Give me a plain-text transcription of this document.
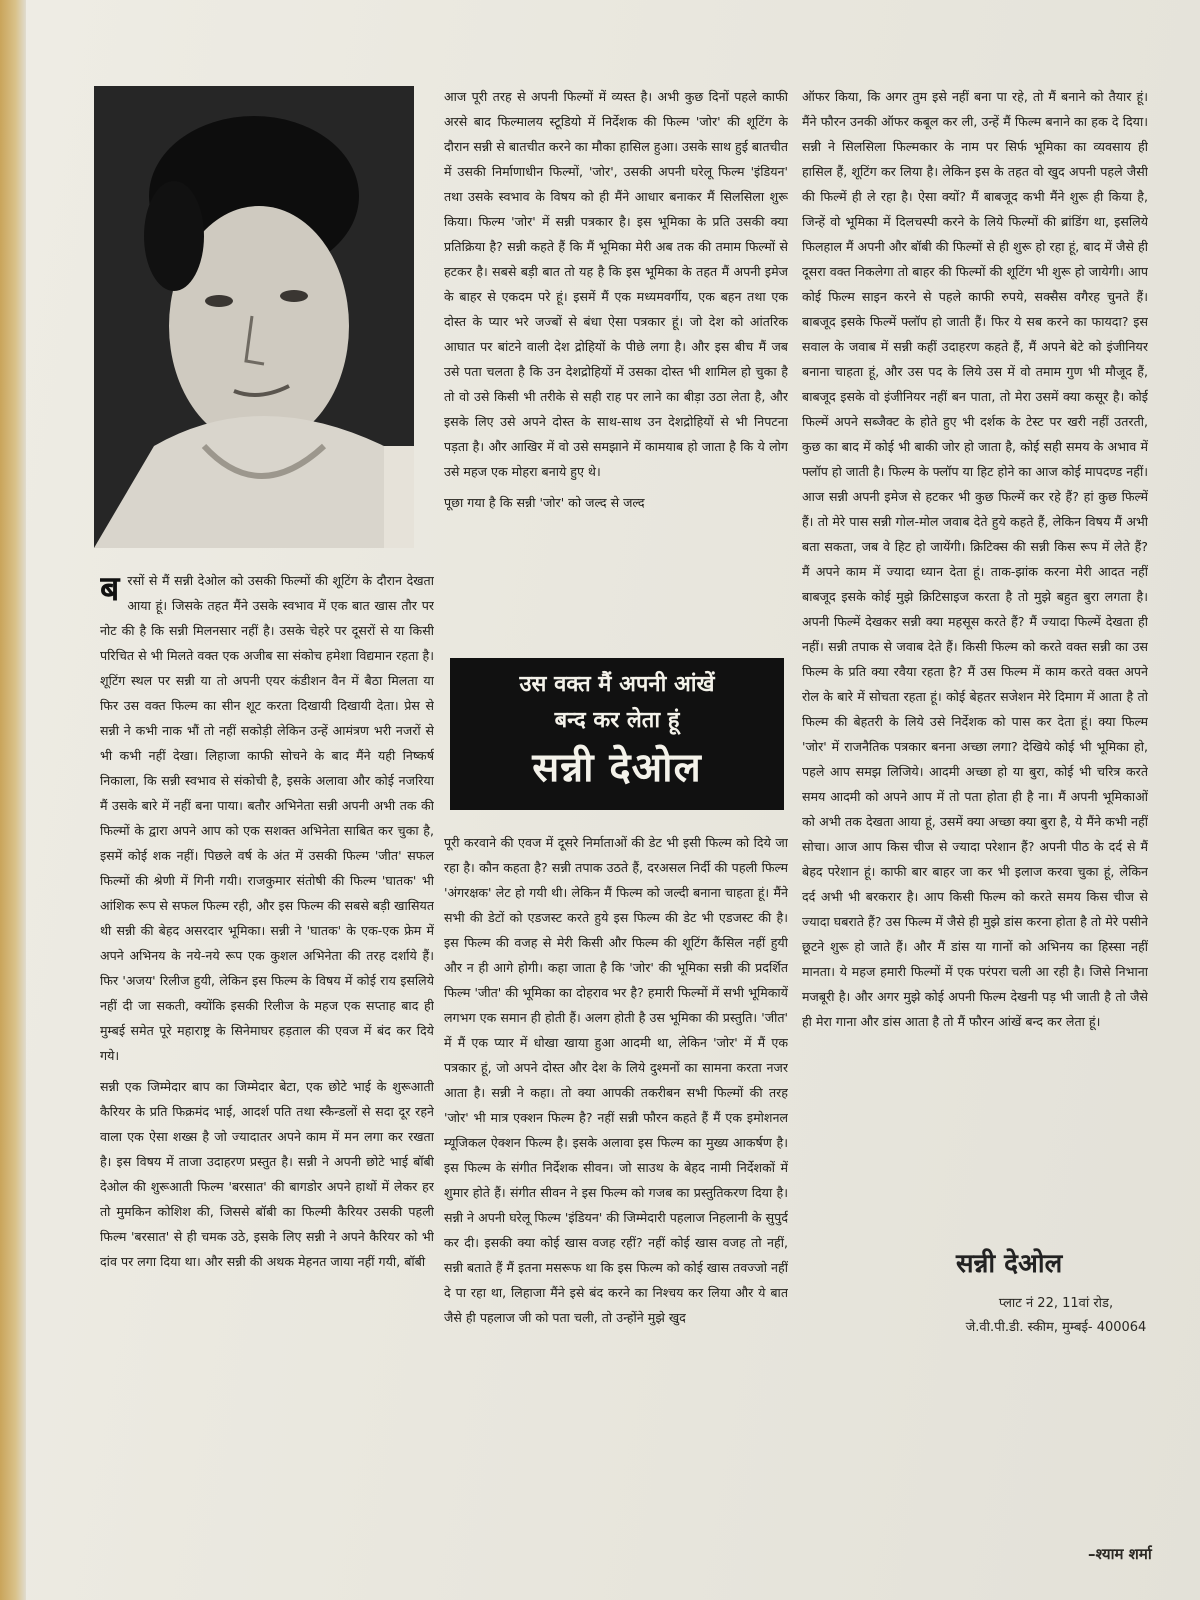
बरसों से मैं सन्नी देओल को उसकी फिल्मों की शूटिंग के दौरान देखता आया हूं। जिसके तहत मैंने उसके स्वभाव में एक बात खास तौर पर नोट की है कि सन्नी मिलनसार नहीं है। उसके चेहरे पर दूसरों से या किसी परिचित से भी मिलते वक्त एक अजीब सा संकोच हमेशा विद्यमान रहता है। शूटिंग स्थल पर सन्नी या तो अपनी एयर कंडीशन वैन में बैठा मिलता या फिर उस वक्त फिल्म का सीन शूट करता दिखायी दिखायी देता। प्रेस से सन्नी ने कभी नाक भौं तो नहीं सकोड़ी लेकिन उन्हें आमंत्रण भरी नजरों से भी कभी नहीं देखा। लिहाजा काफी सोचने के बाद मैंने यही निष्कर्ष निकाला, कि सन्नी स्वभाव से संकोची है, इसके अलावा और कोई नजरिया मैं उसके बारे में नहीं बना पाया। बतौर अभिनेता सन्नी अपनी अभी तक की फिल्मों के द्वारा अपने आप को एक सशक्त अभिनेता साबित कर चुका है, इसमें कोई शक नहीं। पिछले वर्ष के अंत में उसकी फिल्म 'जीत' सफल फिल्मों की श्रेणी में गिनी गयी। राजकुमार संतोषी की फिल्म 'घातक' भी आंशिक रूप से सफल फिल्म रही, और इस फिल्म की सबसे बड़ी खासियत थी सन्नी की बेहद असरदार भूमिका। सन्नी ने 'घातक' के एक-एक फ्रेम में अपने अभिनय के नये-नये रूप एक कुशल अभिनेता की तरह दर्शाये हैं। फिर 'अजय' रिलीज हुयी, लेकिन इस फिल्म के विषय में कोई राय इसलिये नहीं दी जा सकती, क्योंकि इसकी रिलीज के महज एक सप्ताह बाद ही मुम्बई समेत पूरे महाराष्ट्र के सिनेमाघर हड़ताल की एवज में बंद कर दिये गये।

सन्नी एक जिम्मेदार बाप का जिम्मेदार बेटा, एक छोटे भाई के शुरूआती कैरियर के प्रति फिक्रमंद भाई, आदर्श पति तथा स्कैन्डलों से सदा दूर रहने वाला एक ऐसा शख्स है जो ज्यादातर अपने काम में मन लगा कर रखता है। इस विषय में ताजा उदाहरण प्रस्तुत है। सन्नी ने अपनी छोटे भाई बॉबी देओल की शुरूआती फिल्म 'बरसात' की बागडोर अपने हाथों में लेकर हर तो मुमकिन कोशिश की, जिससे बॉबी का फिल्मी कैरियर उसकी पहली फिल्म 'बरसात' से ही चमक उठे, इसके लिए सन्नी ने अपने कैरियर को भी दांव पर लगा दिया था। और सन्नी की अथक मेहनत जाया नहीं गयी, बॉबी

आज पूरी तरह से अपनी फिल्मों में व्यस्त है। अभी कुछ दिनों पहले काफी अरसे बाद फिल्मालय स्टूडियो में निर्देशक की फिल्म 'जोर' की शूटिंग के दौरान सन्नी से बातचीत करने का मौका हासिल हुआ। उसके साथ हुई बातचीत में उसकी निर्माणाधीन फिल्मों, 'जोर', उसकी अपनी घरेलू फिल्म 'इंडियन' तथा उसके स्वभाव के विषय को ही मैंने आधार बनाकर मैं सिलसिला शुरू किया। फिल्म 'जोर' में सन्नी पत्रकार है। इस भूमिका के प्रति उसकी क्या प्रतिक्रिया है? सन्नी कहते हैं कि मैं भूमिका मेरी अब तक की तमाम फिल्मों से हटकर है। सबसे बड़ी बात तो यह है कि इस भूमिका के तहत मैं अपनी इमेज के बाहर से एकदम परे हूं। इसमें मैं एक मध्यमवर्गीय, एक बहन तथा एक दोस्त के प्यार भरे जज्बों से बंधा ऐसा पत्रकार हूं। जो देश को आंतरिक आघात पर बांटने वाली देश द्रोहियों के पीछे लगा है। और इस बीच मैं जब उसे पता चलता है कि उन देशद्रोहियों में उसका दोस्त भी शामिल हो चुका है तो वो उसे किसी भी तरीके से सही राह पर लाने का बीड़ा उठा लेता है, और इसके लिए उसे अपने दोस्त के साथ-साथ उन देशद्रोहियों से भी निपटना पड़ता है। और आखिर में वो उसे समझाने में कामयाब हो जाता है कि ये लोग उसे महज एक मोहरा बनाये हुए थे।

पूछा गया है कि सन्नी 'जोर' को जल्द से जल्द

उस वक्त मैं अपनी आंखें
बन्द कर लेता हूं
सन्नी देओल

पूरी करवाने की एवज में दूसरे निर्माताओं की डेट भी इसी फिल्म को दिये जा रहा है। कौन कहता है? सन्नी तपाक उठते हैं, दरअसल निर्दी की पहली फिल्म 'अंगरक्षक' लेट हो गयी थी। लेकिन मैं फिल्म को जल्दी बनाना चाहता हूं। मैंने सभी की डेटों को एडजस्ट करते हुये इस फिल्म की डेट भी एडजस्ट की है। इस फिल्म की वजह से मेरी किसी और फिल्म की शूटिंग कैंसिल नहीं हुयी और न ही आगे होगी। कहा जाता है कि 'जोर' की भूमिका सन्नी की प्रदर्शित फिल्म 'जीत' की भूमिका का दोहराव भर है? हमारी फिल्मों में सभी भूमिकायें लगभग एक समान ही होती हैं। अलग होती है उस भूमिका की प्रस्तुति। 'जीत' में मैं एक प्यार में धोखा खाया हुआ आदमी था, लेकिन 'जोर' में मैं एक पत्रकार हूं, जो अपने दोस्त और देश के लिये दुश्मनों का सामना करता नजर आता है। सन्नी ने कहा। तो क्या आपकी तकरीबन सभी फिल्मों की तरह 'जोर' भी मात्र एक्शन फिल्म है? नहीं सन्नी फौरन कहते हैं मैं एक इमोशनल म्यूजिकल ऐक्शन फिल्म है। इसके अलावा इस फिल्म का मुख्य आकर्षण है। इस फिल्म के संगीत निर्देशक सीवन। जो साउथ के बेहद नामी निर्देशकों में शुमार होते हैं। संगीत सीवन ने इस फिल्म को गजब का प्रस्तुतिकरण दिया है। सन्नी ने अपनी घरेलू फिल्म 'इंडियन' की जिम्मेदारी पहलाज निहलानी के सुपुर्द कर दी। इसकी क्या कोई खास वजह रहीं? नहीं कोई खास वजह तो नहीं, सन्नी बताते हैं मैं इतना मसरूफ था कि इस फिल्म को कोई खास तवज्जो नहीं दे पा रहा था, लिहाजा मैंने इसे बंद करने का निश्चय कर लिया और ये बात जैसे ही पहलाज जी को पता चली, तो उन्होंने मुझे खुद

ऑफर किया, कि अगर तुम इसे नहीं बना पा रहे, तो मैं बनाने को तैयार हूं। मैंने फौरन उनकी ऑफर कबूल कर ली, उन्हें मैं फिल्म बनाने का हक दे दिया। सन्नी ने सिलसिला फिल्मकार के नाम पर सिर्फ भूमिका का व्यवसाय ही हासिल हैं, शूटिंग कर लिया है। लेकिन इस के तहत वो खुद अपनी पहले जैसी की फिल्में ही ले रहा है। ऐसा क्यों? मैं बाबजूद कभी मैंने शुरू ही किया है, जिन्हें वो भूमिका में दिलचस्पी करने के लिये फिल्मों की ब्रांडिंग था, इसलिये फिलहाल मैं अपनी और बॉबी की फिल्मों से ही शुरू हो रहा हूं, बाद में जैसे ही दूसरा वक्त निकलेगा तो बाहर की फिल्मों की शूटिंग भी शुरू हो जायेगी। आप कोई फिल्म साइन करने से पहले काफी रुपये, सक्सैस वगैरह चुनते हैं। बाबजूद इसके फिल्में फ्लॉप हो जाती हैं। फिर ये सब करने का फायदा? इस सवाल के जवाब में सन्नी कहीं उदाहरण कहते हैं, मैं अपने बेटे को इंजीनियर बनाना चाहता हूं, और उस पद के लिये उस में वो तमाम गुण भी मौजूद हैं, बाबजूद इसके वो इंजीनियर नहीं बन पाता, तो मेरा उसमें क्या कसूर है। कोई फिल्में अपने सब्जैक्ट के होते हुए भी दर्शक के टेस्ट पर खरी नहीं उतरती, कुछ का बाद में कोई भी बाकी जोर हो जाता है, कोई सही समय के अभाव में फ्लॉप हो जाती है। फिल्म के फ्लॉप या हिट होने का आज कोई मापदण्ड नहीं। आज सन्नी अपनी इमेज से हटकर भी कुछ फिल्में कर रहे हैं? हां कुछ फिल्में हैं। तो मेरे पास सन्नी गोल-मोल जवाब देते हुये कहते हैं, लेकिन विषय मैं अभी बता सकता, जब वे हिट हो जायेंगी। क्रिटिक्स की सन्नी किस रूप में लेते हैं? मैं अपने काम में ज्यादा ध्यान देता हूं। ताक-झांक करना मेरी आदत नहीं बाबजूद इसके कोई मुझे क्रिटिसाइज करता है तो मुझे बहुत बुरा लगता है। अपनी फिल्में देखकर सन्नी क्या महसूस करते हैं? मैं ज्यादा फिल्में देखता ही नहीं। सन्नी तपाक से जवाब देते हैं। किसी फिल्म को करते वक्त सन्नी का उस फिल्म के प्रति क्या रवैया रहता है? मैं उस फिल्म में काम करते वक्त अपने रोल के बारे में सोचता रहता हूं। कोई बेहतर सजेशन मेरे दिमाग में आता है तो फिल्म की बेहतरी के लिये उसे निर्देशक को पास कर देता हूं। क्या फिल्म 'जोर' में राजनैतिक पत्रकार बनना अच्छा लगा? देखिये कोई भी भूमिका हो, पहले आप समझ लिजिये। आदमी अच्छा हो या बुरा, कोई भी चरित्र करते समय आदमी को अपने आप में तो पता होता ही है ना। मैं अपनी भूमिकाओं को अभी तक देखता आया हूं, उसमें क्या अच्छा क्या बुरा है, ये मैंने कभी नहीं सोचा। आज आप किस चीज से ज्यादा परेशान हैं? अपनी पीठ के दर्द से मैं बेहद परेशान हूं। काफी बार बाहर जा कर भी इलाज करवा चुका हूं, लेकिन दर्द अभी भी बरकरार है। आप किसी फिल्म को करते समय किस चीज से ज्यादा घबराते हैं? उस फिल्म में जैसे ही मुझे डांस करना होता है तो मेरे पसीने छूटने शुरू हो जाते हैं। और मैं डांस या गानों को अभिनय का हिस्सा नहीं मानता। ये महज हमारी फिल्मों में एक परंपरा चली आ रही है। जिसे निभाना मजबूरी है। और अगर मुझे कोई अपनी फिल्म देखनी पड़ भी जाती है तो जैसे ही मेरा गाना और डांस आता है तो मैं फौरन आंखें बन्द कर लेता हूं।

सन्नी देओल
प्लाट नं 22, 11वां रोड,
जे.वी.पी.डी. स्कीम, मुम्बई- 400064
–श्याम शर्मा
